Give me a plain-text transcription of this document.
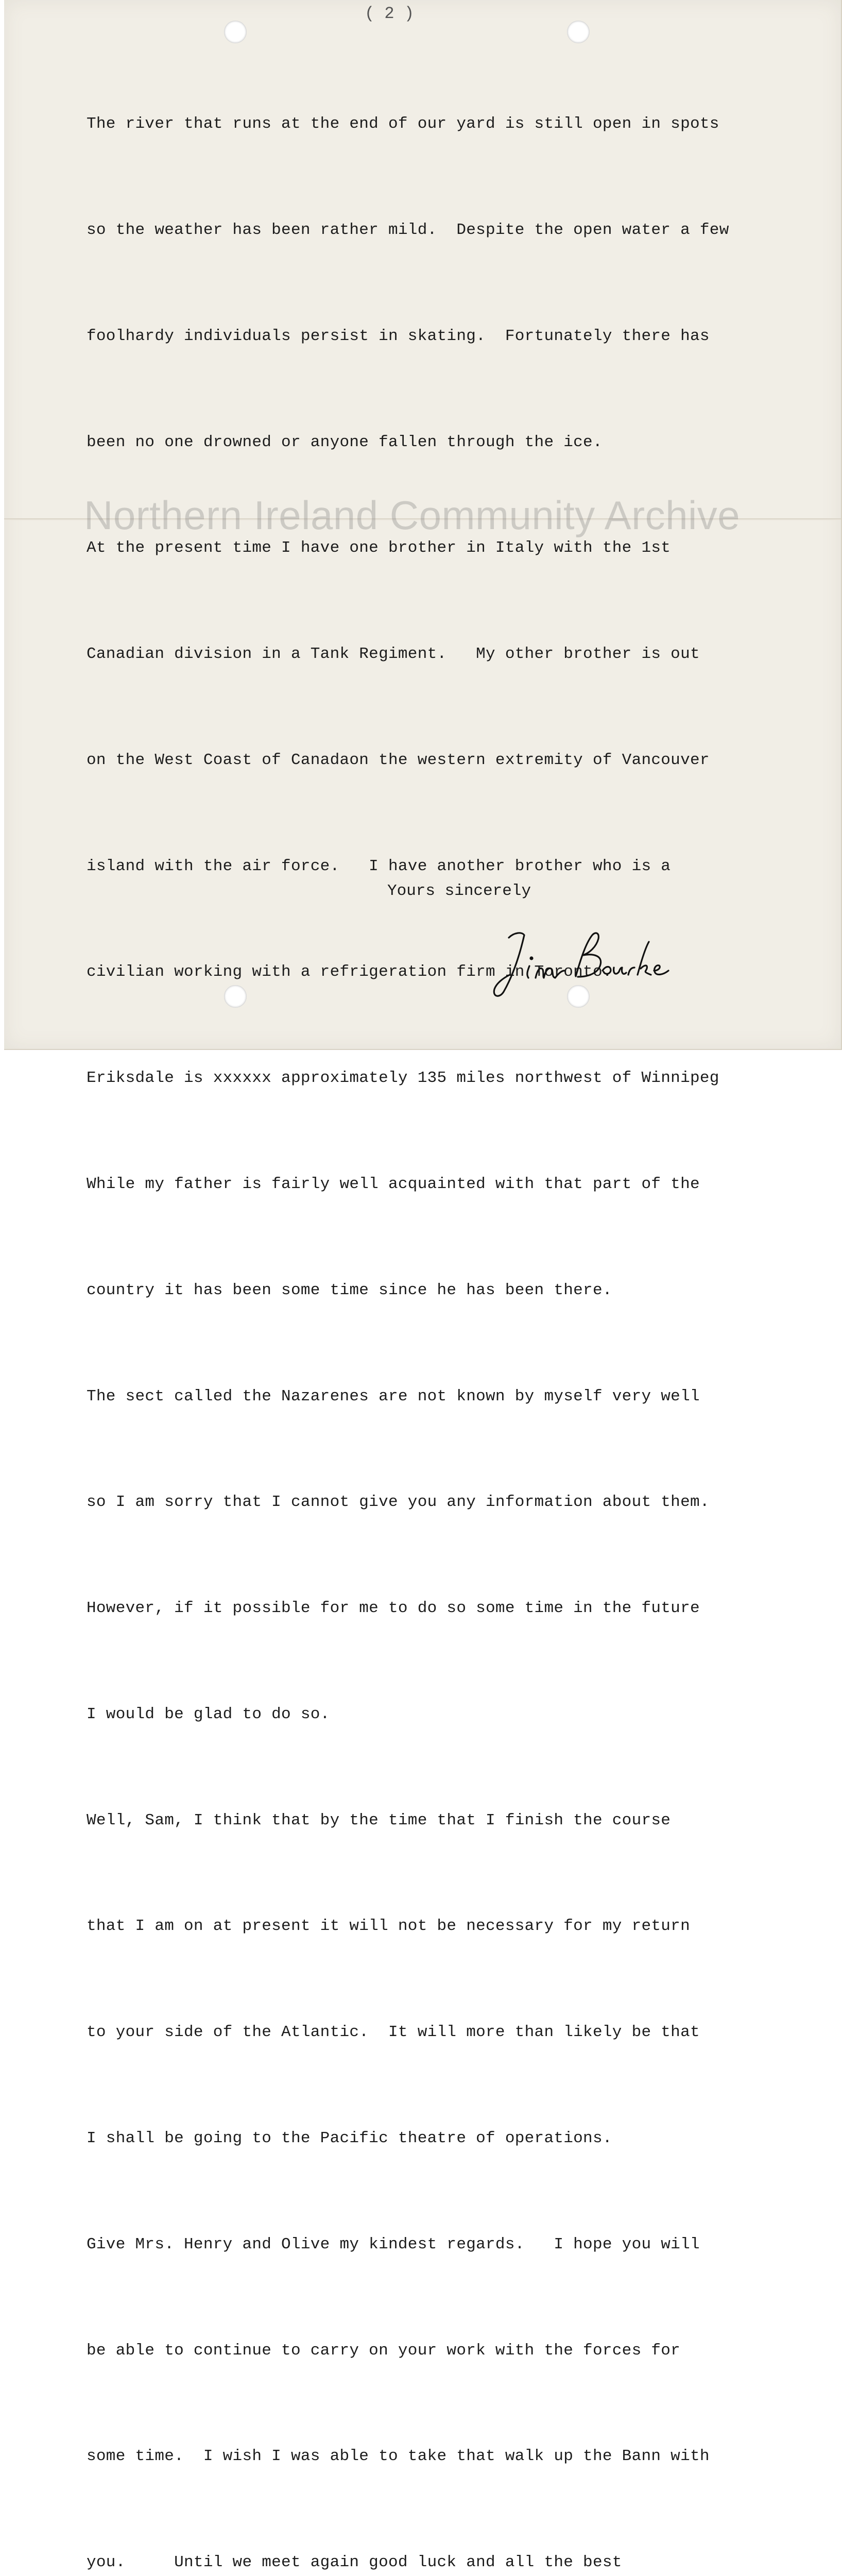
( 2 )

The river that runs at the end of our yard is still open in spots

so the weather has been rather mild.  Despite the open water a few

foolhardy individuals persist in skating.  Fortunately there has

been no one drowned or anyone fallen through the ice.

At the present time I have one brother in Italy with the 1st

Canadian division in a Tank Regiment.   My other brother is out

on the West Coast of Canadaon the western extremity of Vancouver

island with the air force.   I have another brother who is a

civilian working with a refrigeration firm in Toronto.

Eriksdale is xxxxxx approximately 135 miles northwest of Winnipeg

While my father is fairly well acquainted with that part of the

country it has been some time since he has been there.

The sect called the Nazarenes are not known by myself very well

so I am sorry that I cannot give you any information about them.

However, if it possible for me to do so some time in the future

I would be glad to do so.

Well, Sam, I think that by the time that I finish the course

that I am on at present it will not be necessary for my return

to your side of the Atlantic.  It will more than likely be that

I shall be going to the Pacific theatre of operations.

Give Mrs. Henry and Olive my kindest regards.   I hope you will

be able to continue to carry on your work with the forces for

some time.  I wish I was able to take that walk up the Bann with

you.     Until we meet again good luck and all the best

Yours sincerely
Northern Ireland Community Archive
